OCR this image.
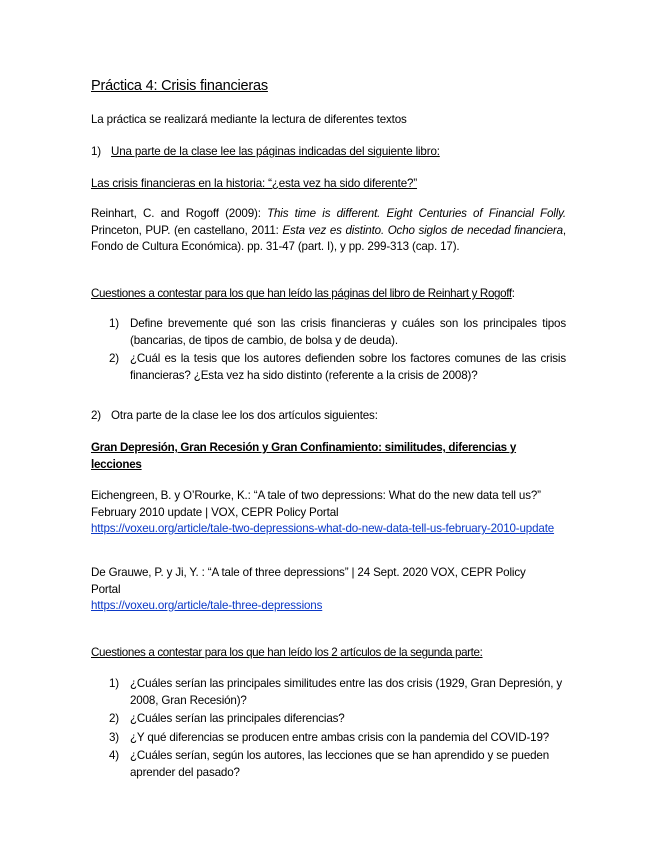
Práctica 4: Crisis financieras
La práctica se realizará mediante la lectura de diferentes textos
1) Una parte de la clase lee las páginas indicadas del siguiente libro:
Las crisis financieras en la historia: “¿esta vez ha sido diferente?”
Reinhart, C. and Rogoff (2009): This time is different. Eight Centuries of Financial Folly. Princeton, PUP. (en castellano, 2011: Esta vez es distinto. Ocho siglos de necedad financiera, Fondo de Cultura Económica). pp. 31-47 (part. I), y pp. 299-313 (cap. 17).
Cuestiones a contestar para los que han leído las páginas del libro de Reinhart y Rogoff:
1) Define brevemente qué son las crisis financieras y cuáles son los principales tipos (bancarias, de tipos de cambio, de bolsa y de deuda).
2) ¿Cuál es la tesis que los autores defienden sobre los factores comunes de las crisis financieras? ¿Esta vez ha sido distinto (referente a la crisis de 2008)?
2) Otra parte de la clase lee los dos artículos siguientes:
Gran Depresión, Gran Recesión y Gran Confinamiento: similitudes, diferencias y lecciones
Eichengreen, B. y O’Rourke, K.: “A tale of two depressions: What do the new data tell us?” February 2010 update | VOX, CEPR Policy Portal
https://voxeu.org/article/tale-two-depressions-what-do-new-data-tell-us-february-2010-update
De Grauwe, P. y Ji, Y. : “A tale of three depressions” | 24 Sept. 2020 VOX, CEPR Policy Portal
https://voxeu.org/article/tale-three-depressions
Cuestiones a contestar para los que han leído los 2 artículos de la segunda parte:
1) ¿Cuáles serían las principales similitudes entre las dos crisis (1929, Gran Depresión, y 2008, Gran Recesión)?
2) ¿Cuáles serían las principales diferencias?
3) ¿Y qué diferencias se producen entre ambas crisis con la pandemia del COVID-19?
4) ¿Cuáles serían, según los autores, las lecciones que se han aprendido y se pueden aprender del pasado?
